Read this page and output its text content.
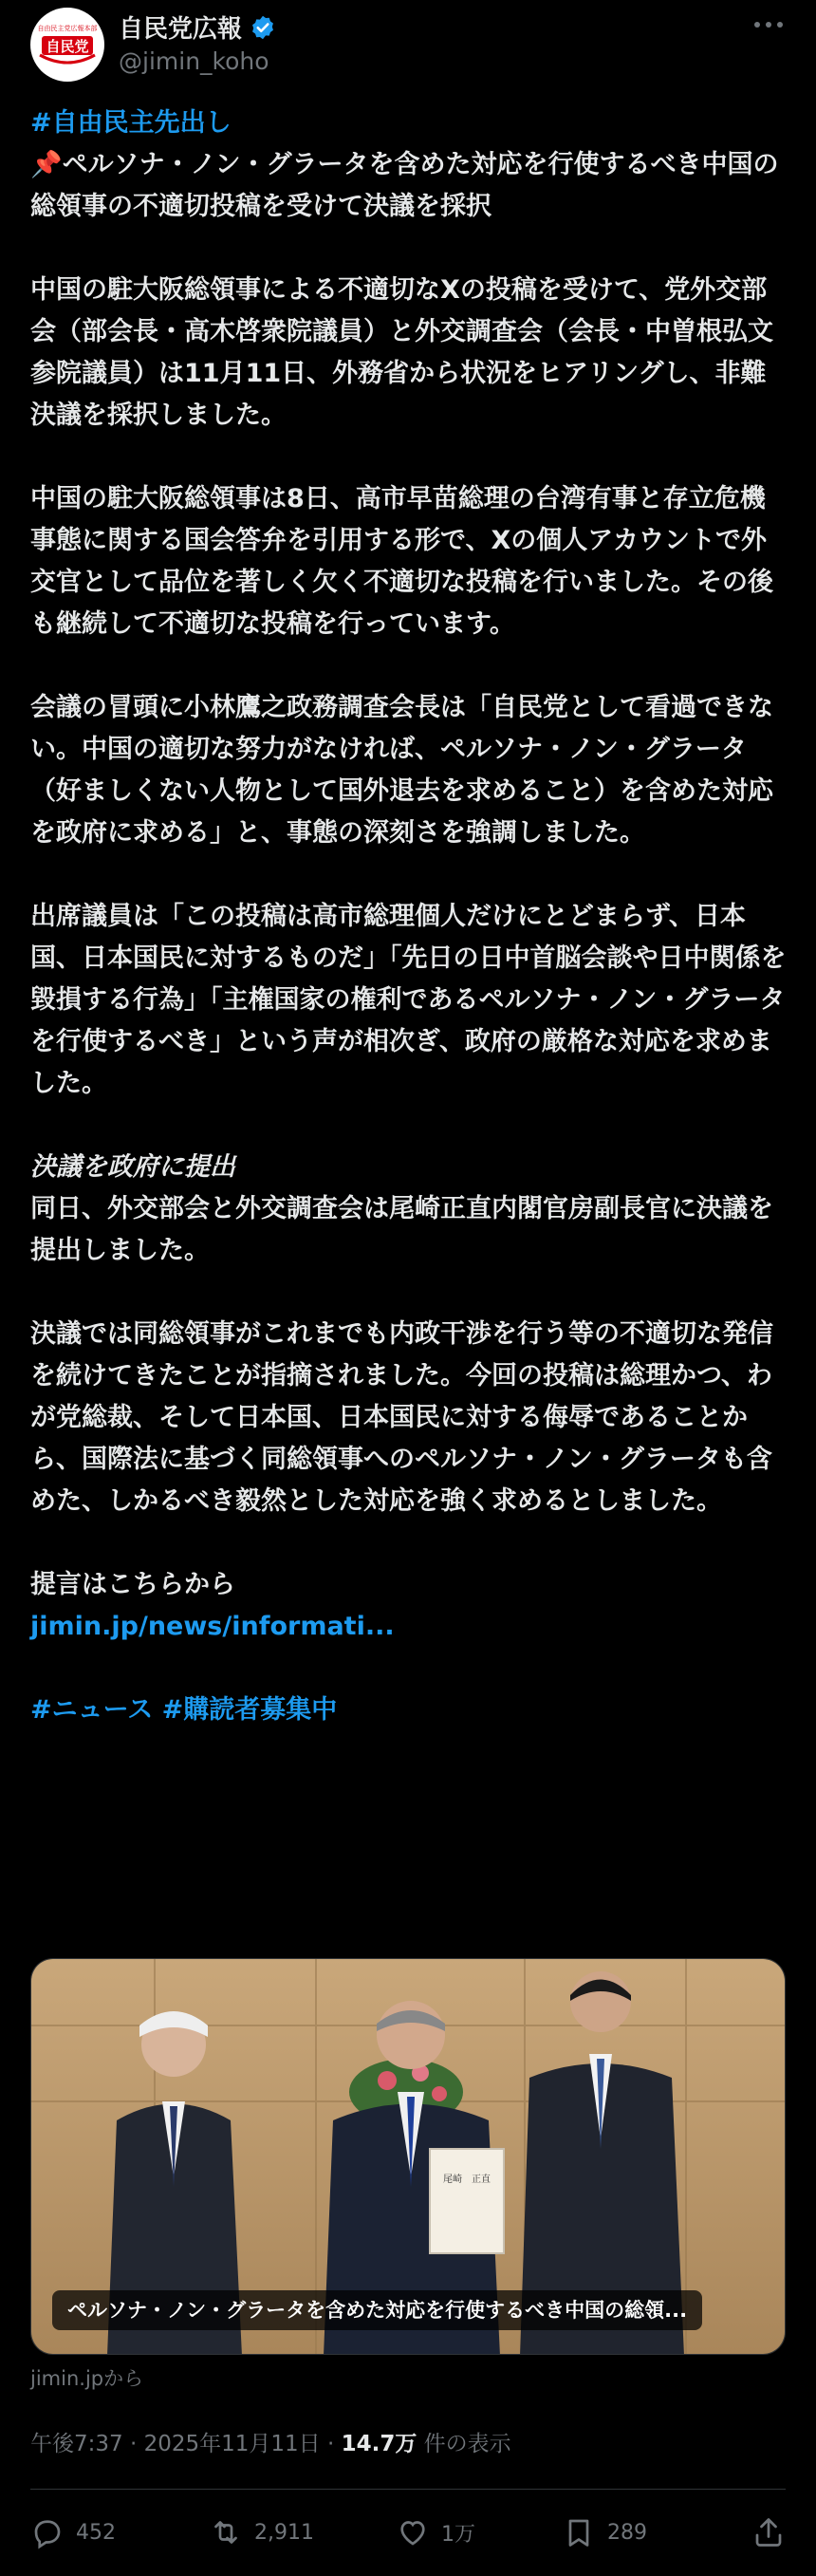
自由民主党広報本部
自民党
自民党広報
@jimin_koho

#自由民主先出し

📌ペルソナ・ノン・グラータを含めた対応を行使するべき中国の総領事の不適切投稿を受けて決議を採択

中国の駐大阪総領事による不適切なXの投稿を受けて、党外交部会（部会長・高木啓衆院議員）と外交調査会（会長・中曽根弘文参院議員）は11月11日、外務省から状況をヒアリングし、非難決議を採択しました。

中国の駐大阪総領事は8日、高市早苗総理の台湾有事と存立危機事態に関する国会答弁を引用する形で、Xの個人アカウントで外交官として品位を著しく欠く不適切な投稿を行いました。その後も継続して不適切な投稿を行っています。

会議の冒頭に小林鷹之政務調査会長は「自民党として看過できない。中国の適切な努力がなければ、ペルソナ・ノン・グラータ（好ましくない人物として国外退去を求めること）を含めた対応を政府に求める」と、事態の深刻さを強調しました。

出席議員は「この投稿は高市総理個人だけにとどまらず、日本国、日本国民に対するものだ」「先日の日中首脳会談や日中関係を毀損する行為」「主権国家の権利であるペルソナ・ノン・グラータを行使するべき」という声が相次ぎ、政府の厳格な対応を求めました。

決議を政府に提出

同日、外交部会と外交調査会は尾崎正直内閣官房副長官に決議を提出しました。

決議では同総領事がこれまでも内政干渉を行う等の不適切な発信を続けてきたことが指摘されました。今回の投稿は総理かつ、わが党総裁、そして日本国、日本国民に対する侮辱であることから、国際法に基づく同総領事へのペルソナ・ノン・グラータも含めた、しかるべき毅然とした対応を強く求めるとしました。

提言はこちらから

jimin.jp/news/informati...

#ニュース #購読者募集中

尾崎　正直
ペルソナ・ノン・グラータを含めた対応を行使するべき中国の総領...
jimin.jpから
午後7:37 · 2025年11月11日 · 14.7万 件の表示
452	2,911	1万	289
